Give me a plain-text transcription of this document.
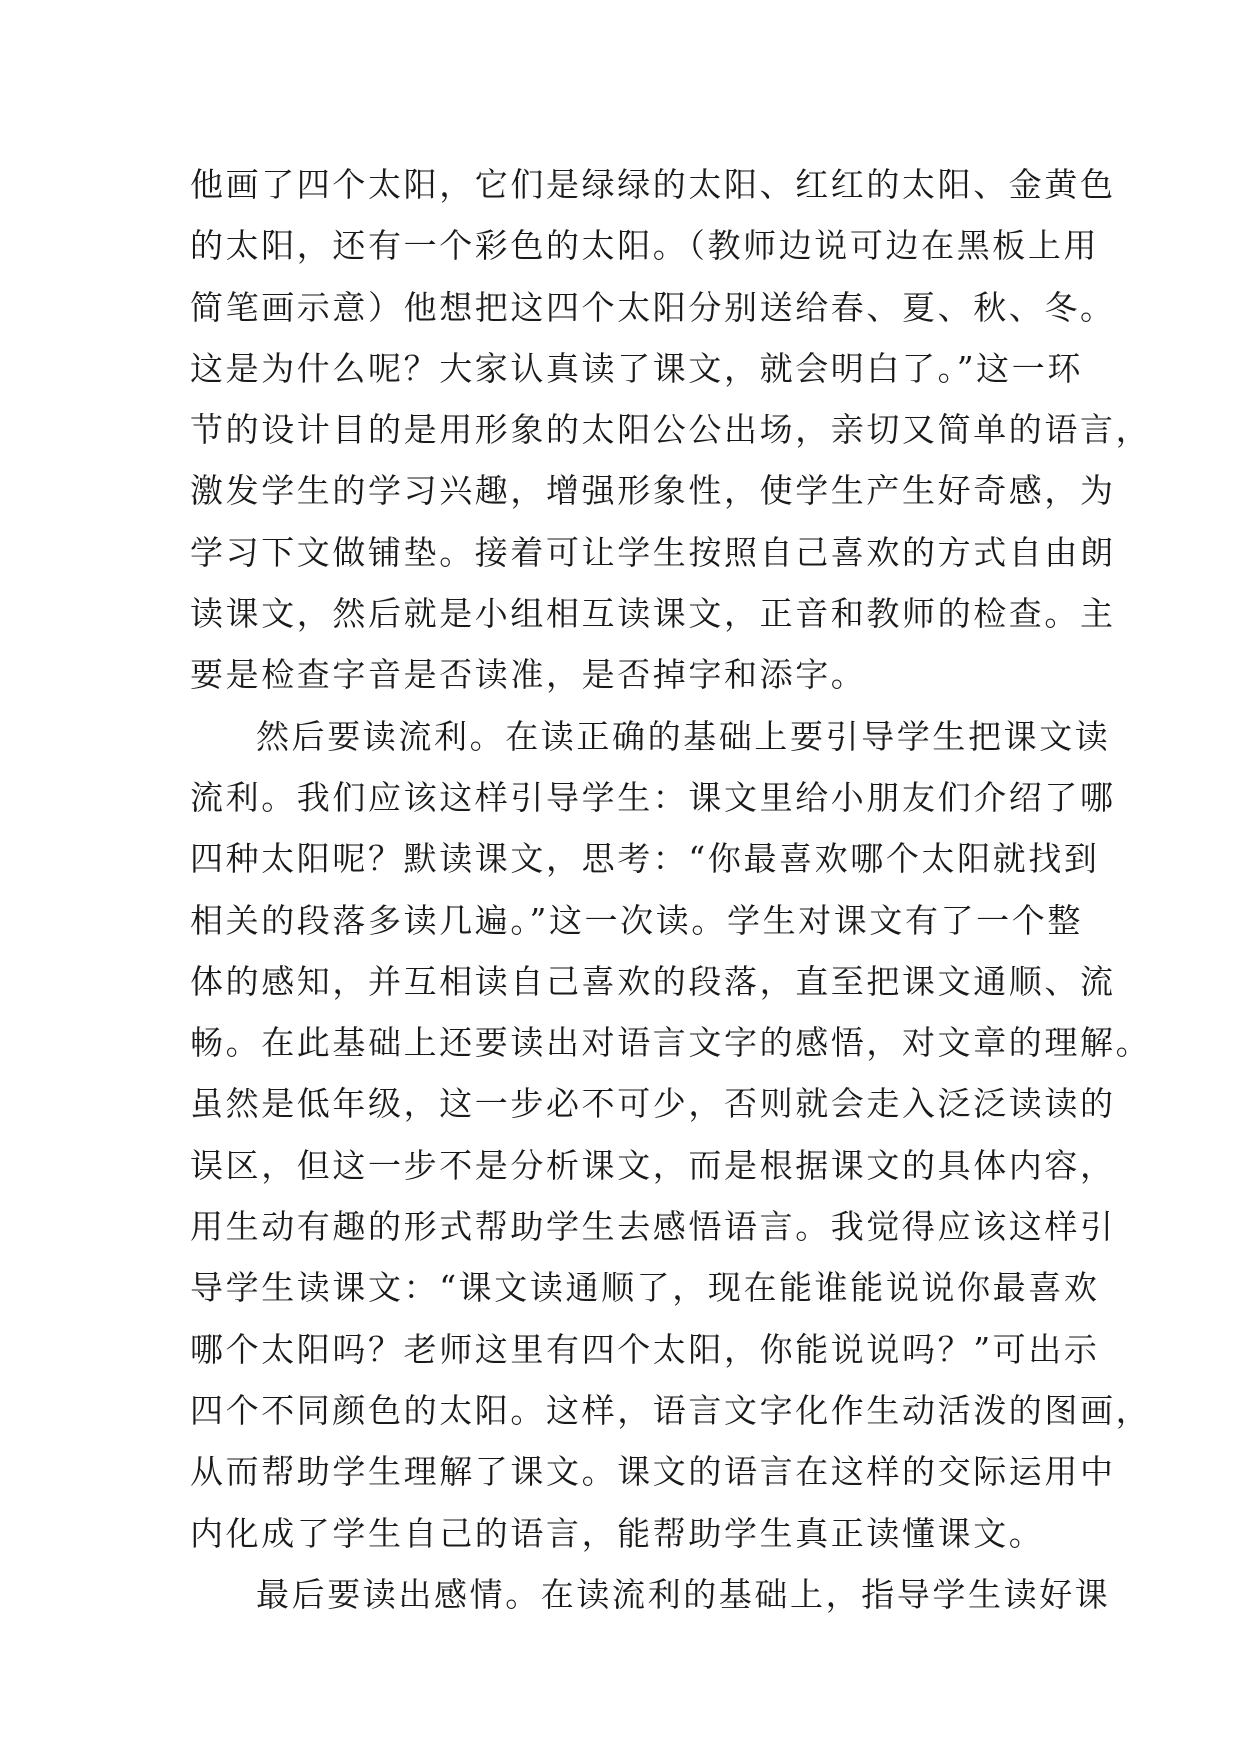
他画了四个太阳，它们是绿绿的太阳、红红的太阳、金黄色
的太阳，还有一个彩色的太阳。（教师边说可边在黑板上用
简笔画示意）他想把这四个太阳分别送给春、夏、秋、冬。
这是为什么呢？大家认真读了课文，就会明白了。”这一环
节的设计目的是用形象的太阳公公出场，亲切又简单的语言，
激发学生的学习兴趣，增强形象性，使学生产生好奇感，为
学习下文做铺垫。接着可让学生按照自己喜欢的方式自由朗
读课文，然后就是小组相互读课文，正音和教师的检查。主
要是检查字音是否读准，是否掉字和添字。
然后要读流利。在读正确的基础上要引导学生把课文读
流利。我们应该这样引导学生：课文里给小朋友们介绍了哪
四种太阳呢？默读课文，思考：“你最喜欢哪个太阳就找到
相关的段落多读几遍。”这一次读。学生对课文有了一个整
体的感知，并互相读自己喜欢的段落，直至把课文通顺、流
畅。在此基础上还要读出对语言文字的感悟，对文章的理解。
虽然是低年级，这一步必不可少，否则就会走入泛泛读读的
误区，但这一步不是分析课文，而是根据课文的具体内容，
用生动有趣的形式帮助学生去感悟语言。我觉得应该这样引
导学生读课文：“课文读通顺了，现在能谁能说说你最喜欢
哪个太阳吗？老师这里有四个太阳，你能说说吗？”可出示
四个不同颜色的太阳。这样，语言文字化作生动活泼的图画，
从而帮助学生理解了课文。课文的语言在这样的交际运用中
内化成了学生自己的语言，能帮助学生真正读懂课文。
最后要读出感情。在读流利的基础上，指导学生读好课
